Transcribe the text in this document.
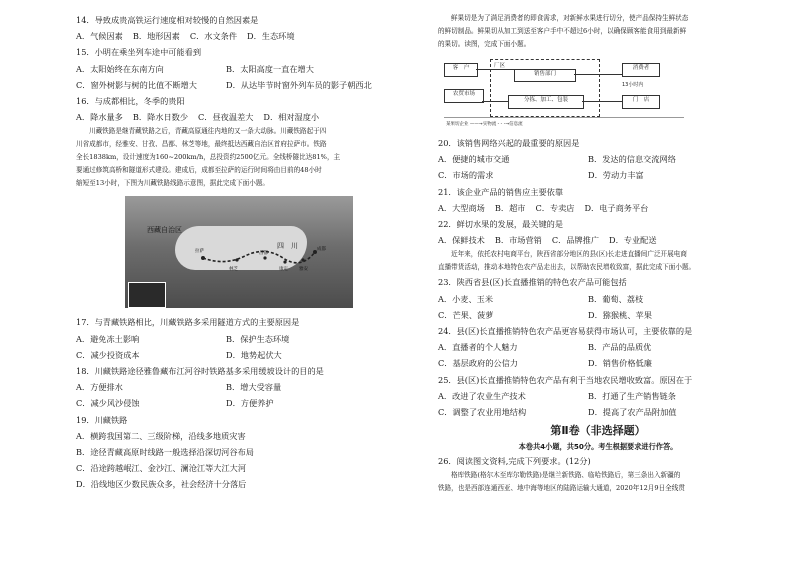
14．导致成贵高铁运行速度相对较慢的自然因素是

A．气候因素 B．地形因素 C．水文条件 D．生态环境

15．小明在乘坐列车途中可能看到

A．太阳始终在东南方向	B．太阳高度一直在增大
C．窗外树影与树的比值不断增大	D．从达毕节时窗外列车员的影子朝西北

16．与成都相比，冬季的贵阳

A．降水量多 B．降水日数少 C．昼夜温差大 D．相对湿度小

川藏铁路是继青藏铁路之后，青藏高原通往内地的又一条大动脉。川藏铁路起于四

川省成都市，经雅安、甘孜、昌都、林芝等地，最终抵达西藏自治区首府拉萨市。铁路

全长1838km，设计速度为160~200km/h，总投资约2500亿元。全线桥隧比达81%，主

要通过修筑高桥和隧道形式建设。建成后，成都至拉萨的运行时间将由目前的48小时

缩短至13小时，下图为川藏铁路线路示意图，据此完成下面小题。

西藏自治区
四　川
拉萨
林芝
昌都
康定 雅安
成都

17．与青藏铁路相比，川藏铁路多采用隧道方式的主要原因是

A．避免冻土影响	B．保护生态环境
C．减少投资成本	D．地势起伏大

18．川藏铁路途径雅鲁藏布江河谷时铁路基多采用缓坡设计的目的是

A．方便排水	B．增大受容量
C．减少风沙侵蚀	D．方便养护

19．川藏铁路

A．横跨我国第二、三级阶梯，沿线多地质灾害

B．途径青藏高原时线路一般选择沿深切河谷布局

C．沿途跨越岷江、金沙江、澜沧江等大江大河

D．沿线地区少数民族众多，社会经济十分落后

鲜果切是为了满足消费者的即食需求，对新鲜水果进行切分，使产品保持生鲜状态

的鲜切制品。鲜果切从加工到送至客户手中不超过6小时，以确保顾客能食用到最新鲜

的果切。读图，完成下面小题。

客　户
农贸市场
厂区
销售部门
分拣、加工、包装
消费者
门　店
13小时内
某果切企业 ——→实物流 - - -→信息流

20．该销售网络兴起的最重要的原因是

A．便捷的城市交通	B．发达的信息交流网络
C．市场的需求	D．劳动力丰富

21．该企业产品的销售应主要依靠

A．大型商场 B．超市 C．专卖店 D．电子商务平台

22．鲜切水果的发展，最关键的是

A．保鲜技术 B．市场营销 C．品牌推广 D．专业配送

近年来，依托农村电商平台，陕西省部分地区的县(区)长走进直播间广泛开展电商

直播带货活动，推动本地特色农产品走出去，以帮助农民增收致富，据此完成下面小题。

23．陕西省县(区)长直播推销的特色农产品可能包括

A．小麦、玉米	B．葡萄、荔枝
C．芒果、菠萝	D．猕猴桃、苹果

24．县(区)长直播推销特色农产品更容易获得市场认可，主要依靠的是

A．直播者的个人魅力	B．产品的品质优
C．基层政府的公信力	D．销售价格低廉

25．县(区)长直播推销特色农产品有利于当地农民增收致富。原因在于

A．改进了农业生产技术	B．打通了生产销售链条
C．调整了农业用地结构	D．提高了农产品附加值

第Ⅱ卷（非选择题）

本卷共4小题，共50分。考生根据要求进行作答。

26．阅读图文资料,完成下列要求。(12分)

格库铁路(格尔木至库尔勒铁路)是继兰新铁路、临哈铁路后，第三条出入新疆的

铁路，也是西部连通西亚、地中海等地区的陆路运输大通道，2020年12月9日全线贯
